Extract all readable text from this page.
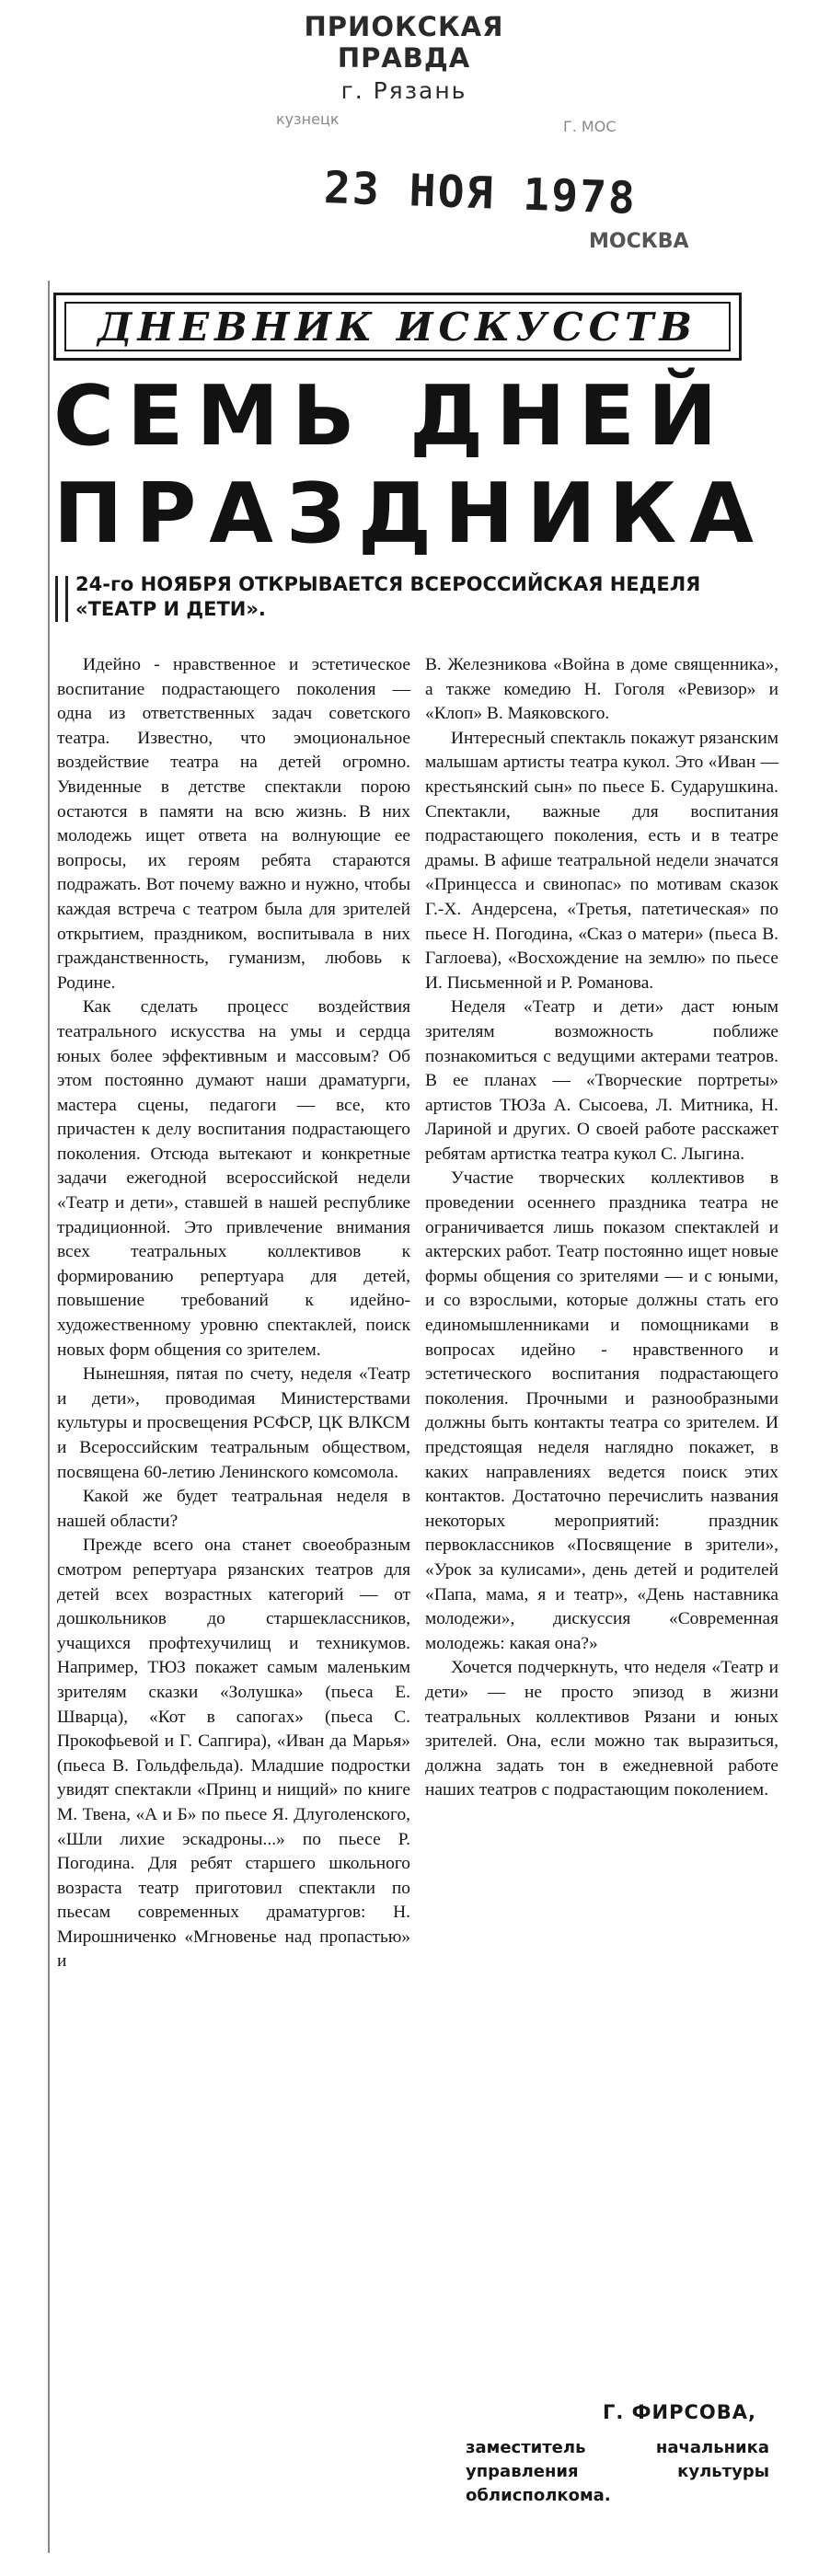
ПРИОКСКАЯ ПРАВДА
г. Рязань
кузнецк	Г. МОС
23 НОЯ 1978
МОСКВА
ДНЕВНИК ИСКУССТВ
СЕМЬ ДНЕЙ
ПРАЗДНИКА
24-го НОЯБРЯ ОТКРЫВАЕТСЯ ВСЕРОССИЙСКАЯ НЕДЕЛЯ «ТЕАТР И ДЕТИ».

Идейно - нравственное и эстетическое воспитание подрастающего поколения — одна из ответственных задач советского театра. Известно, что эмоциональное воздействие театра на детей огромно. Увиденные в детстве спектакли порою остаются в памяти на всю жизнь. В них молодежь ищет ответа на волнующие ее вопросы, их героям ребята стараются подражать. Вот почему важно и нужно, чтобы каждая встреча с театром была для зрителей открытием, праздником, воспитывала в них гражданственность, гуманизм, любовь к Родине.

Как сделать процесс воздействия театрального искусства на умы и сердца юных более эффективным и массовым? Об этом постоянно думают наши драматурги, мастера сцены, педагоги — все, кто причастен к делу воспитания подрастающего поколения. Отсюда вытекают и конкретные задачи ежегодной всероссийской недели «Театр и дети», ставшей в нашей республике традиционной. Это привлечение внимания всех театральных коллективов к формированию репертуара для детей, повышение требований к идейно-художественному уровню спектаклей, поиск новых форм общения со зрителем.

Нынешняя, пятая по счету, неделя «Театр и дети», проводимая Министерствами культуры и просвещения РСФСР, ЦК ВЛКСМ и Всероссийским театральным обществом, посвящена 60-летию Ленинского комсомола.

Какой же будет театральная неделя в нашей области?

Прежде всего она станет своеобразным смотром репертуара рязанских театров для детей всех возрастных категорий — от дошкольников до старшеклассников, учащихся профтехучилищ и техникумов. Например, ТЮЗ покажет самым маленьким зрителям сказки «Золушка» (пьеса Е. Шварца), «Кот в сапогах» (пьеса С. Прокофьевой и Г. Сапгира), «Иван да Марья» (пьеса В. Гольдфельда). Младшие подростки увидят спектакли «Принц и нищий» по книге М. Твена, «А и Б» по пьесе Я. Длуголенского, «Шли лихие эскадроны...» по пьесе Р. Погодина. Для ребят старшего школьного возраста театр приготовил спектакли по пьесам современных драматургов: Н. Мирошниченко «Мгновенье над пропастью» и

В. Железникова «Война в доме священника», а также комедию Н. Гоголя «Ревизор» и «Клоп» В. Маяковского.

Интересный спектакль покажут рязанским малышам артисты театра кукол. Это «Иван — крестьянский сын» по пьесе Б. Сударушкина. Спектакли, важные для воспитания подрастающего поколения, есть и в театре драмы. В афише театральной недели значатся «Принцесса и свинопас» по мотивам сказок Г.-Х. Андерсена, «Третья, патетическая» по пьесе Н. Погодина, «Сказ о матери» (пьеса В. Гаглоева), «Восхождение на землю» по пьесе И. Письменной и Р. Романова.

Неделя «Театр и дети» даст юным зрителям возможность поближе познакомиться с ведущими актерами театров. В ее планах — «Творческие портреты» артистов ТЮЗа А. Сысоева, Л. Митника, Н. Лариной и других. О своей работе расскажет ребятам артистка театра кукол С. Лыгина.

Участие творческих коллективов в проведении осеннего праздника театра не ограничивается лишь показом спектаклей и актерских работ. Театр постоянно ищет новые формы общения со зрителями — и с юными, и со взрослыми, которые должны стать его единомышленниками и помощниками в вопросах идейно - нравственного и эстетического воспитания подрастающего поколения. Прочными и разнообразными должны быть контакты театра со зрителем. И предстоящая неделя наглядно покажет, в каких направлениях ведется поиск этих контактов. Достаточно перечислить названия некоторых мероприятий: праздник первоклассников «Посвящение в зрители», «Урок за кулисами», день детей и родителей «Папа, мама, я и театр», «День наставника молодежи», дискуссия «Современная молодежь: какая она?»

Хочется подчеркнуть, что неделя «Театр и дети» — не просто эпизод в жизни театральных коллективов Рязани и юных зрителей. Она, если можно так выразиться, должна задать тон в ежедневной работе наших театров с подрастающим поколением.

Г. ФИРСОВА,
заместитель начальника управления культуры облисполкома.
